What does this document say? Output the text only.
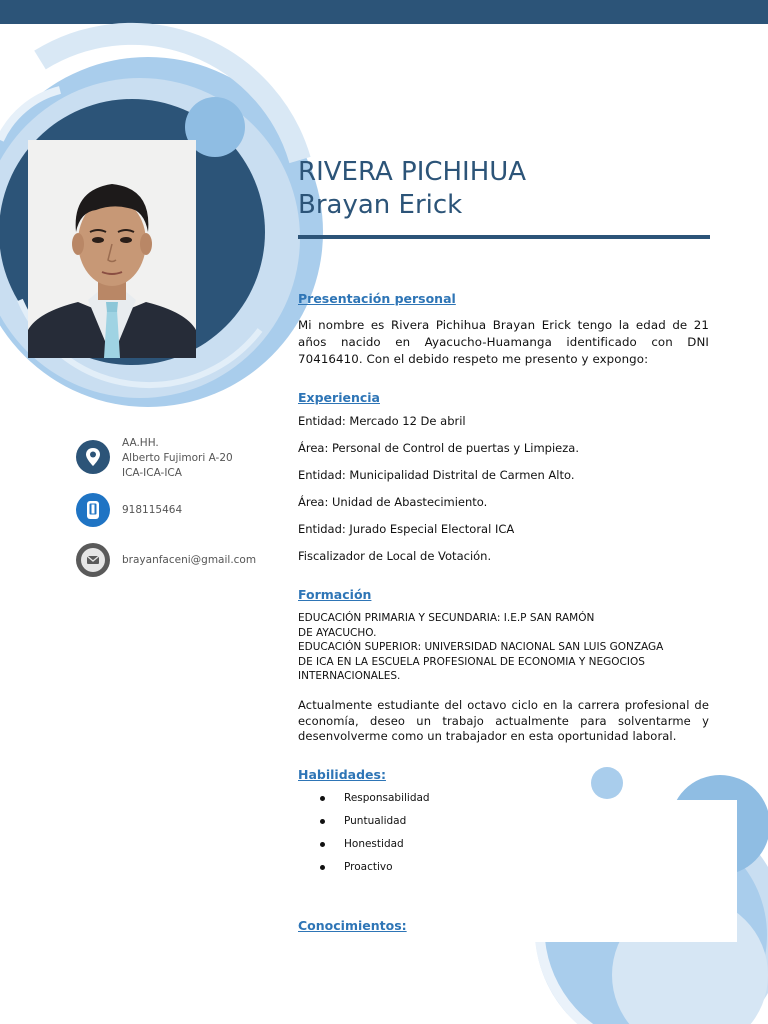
RIVERA PICHIHUA
Brayan Erick
AA.HH.
Alberto Fujimori A-20
ICA-ICA-ICA
918115464
brayanfaceni@gmail.com
Presentación personal

Mi nombre es Rivera Pichihua Brayan Erick tengo la edad de 21 años nacido en Ayacucho-Huamanga identificado con DNI 70416410. Con el debido respeto me presento y expongo:

Experiencia
Entidad: Mercado 12 De abril
Área: Personal de Control de puertas y Limpieza.
Entidad: Municipalidad Distrital de Carmen Alto.
Área: Unidad de Abastecimiento.
Entidad: Jurado Especial Electoral ICA
Fiscalizador de Local de Votación.
Formación
EDUCACIÓN PRIMARIA Y SECUNDARIA: I.E.P SAN RAMÓN
DE AYACUCHO.
EDUCACIÓN SUPERIOR: UNIVERSIDAD NACIONAL SAN LUIS GONZAGA
DE ICA EN LA ESCUELA PROFESIONAL DE ECONOMIA Y NEGOCIOS
INTERNACIONALES.

Actualmente estudiante del octavo ciclo en la carrera profesional de economía, deseo un trabajo actualmente para solventarme y desenvolverme como un trabajador en esta oportunidad laboral.

Habilidades:
Responsabilidad
Puntualidad
Honestidad
Proactivo
Conocimientos:
